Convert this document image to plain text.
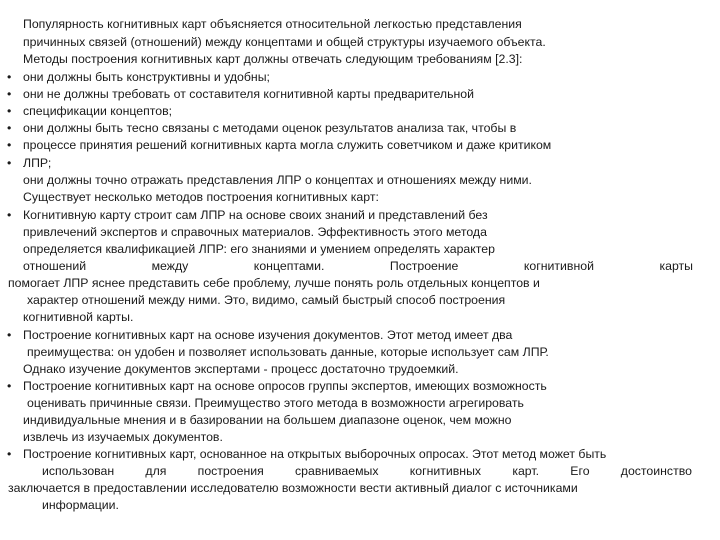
Популярность когнитивных карт объясняется относительной легкостью представления
причинных связей (отношений) между концептами и общей структуры изучаемого объекта.
Методы построения когнитивных карт должны отвечать следующим требованиям [2.3]:
• они должны быть конструктивны и удобны;
• они не должны требовать от составителя когнитивной карты предварительной
• спецификации концептов;
• они должны быть тесно связаны с методами оценок результатов анализа так, чтобы в
• процессе принятия решений когнитивных карта могла служить советчиком и даже критиком
• ЛПР;
они должны точно отражать представления ЛПР о концептах и отношениях между ними.
Существует несколько методов построения когнитивных карт:
• Когнитивную карту строит сам ЛПР на основе своих знаний и представлений без
привлечений экспертов и справочных материалов. Эффективность этого метода
определяется квалификацией ЛПР: его знаниями и умением определять характер
отношений	между	концептами.	Построение	когнитивной	карты
помогает ЛПР яснее представить себе проблему, лучше понять роль отдельных концептов и
характер отношений между ними. Это, видимо, самый быстрый способ построения
когнитивной карты.
• Построение когнитивных карт на основе изучения документов. Этот метод имеет два
преимущества: он удобен и позволяет использовать данные, которые использует сам ЛПР.
Однако изучение документов экспертами - процесс достаточно трудоемкий.
• Построение когнитивных карт на основе опросов группы экспертов, имеющих возможность
оценивать причинные связи. Преимущество этого метода в возможности агрегировать
индивидуальные мнения и в базировании на большем диапазоне оценок, чем можно
извлечь из изучаемых документов.
• Построение когнитивных карт, основанное на открытых выборочных опросах. Этот метод может быть
использован	для	построения	сравниваемых	когнитивных	карт.	Его	достоинство
заключается в предоставлении исследователю возможности вести активный диалог с источниками
информации.
